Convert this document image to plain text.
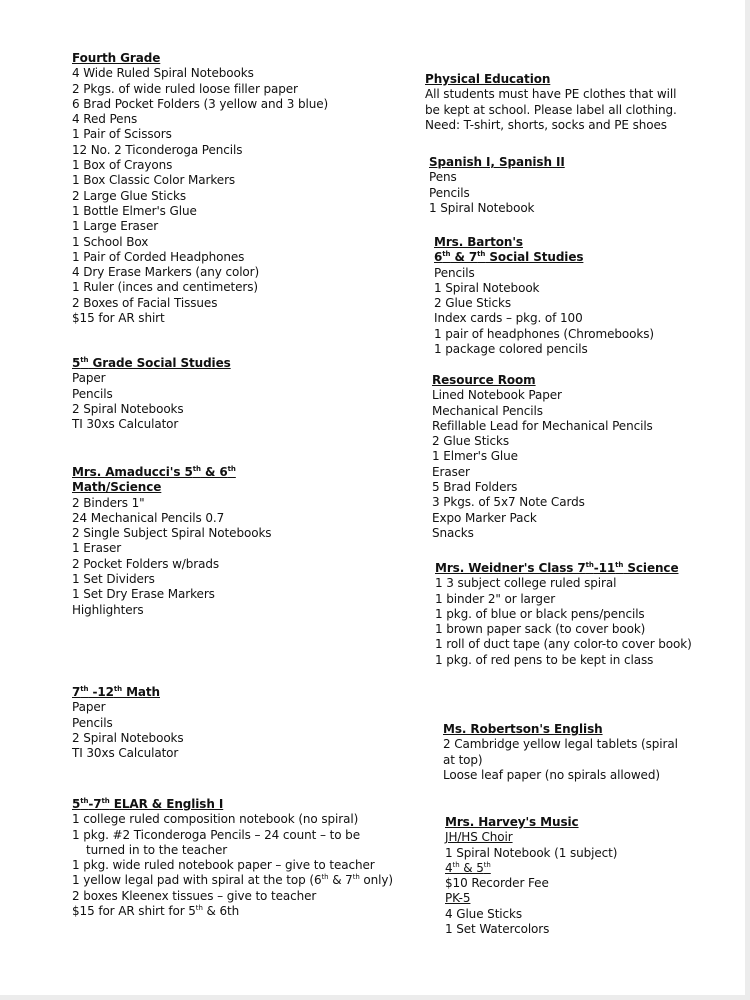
Fourth Grade
4 Wide Ruled Spiral Notebooks
2 Pkgs. of wide ruled loose filler paper
6 Brad Pocket Folders (3 yellow and 3 blue)
4 Red Pens
1 Pair of Scissors
12 No. 2 Ticonderoga Pencils
1 Box of Crayons
1 Box Classic Color Markers
2 Large Glue Sticks
1 Bottle Elmer's Glue
1 Large Eraser
1 School Box
1 Pair of Corded Headphones
4 Dry Erase Markers (any color)
1 Ruler (inces and centimeters)
2 Boxes of Facial Tissues
$15 for AR shirt
5th Grade Social Studies
Paper
Pencils
2 Spiral Notebooks
TI 30xs Calculator
Mrs. Amaducci's 5th & 6th
Math/Science
2 Binders 1"
24 Mechanical Pencils 0.7
2 Single Subject Spiral Notebooks
1 Eraser
2 Pocket Folders w/brads
1 Set Dividers
1 Set Dry Erase Markers
Highlighters
7th -12th Math
Paper
Pencils
2 Spiral Notebooks
TI 30xs Calculator
5th-7th ELAR & English I
1 college ruled composition notebook (no spiral)
1 pkg. #2 Ticonderoga Pencils – 24 count – to be
turned in to the teacher
1 pkg. wide ruled notebook paper – give to teacher
1 yellow legal pad with spiral at the top (6th & 7th only)
2 boxes Kleenex tissues – give to teacher
$15 for AR shirt for 5th & 6th
Physical Education
All students must have PE clothes that will
be kept at school. Please label all clothing.
Need: T-shirt, shorts, socks and PE shoes
Spanish I, Spanish II
Pens
Pencils
1 Spiral Notebook
Mrs. Barton's
6th & 7th Social Studies
Pencils
1 Spiral Notebook
2 Glue Sticks
Index cards – pkg. of 100
1 pair of headphones (Chromebooks)
1 package colored pencils
Resource Room
Lined Notebook Paper
Mechanical Pencils
Refillable Lead for Mechanical Pencils
2 Glue Sticks
1 Elmer's Glue
Eraser
5 Brad Folders
3 Pkgs. of 5x7 Note Cards
Expo Marker Pack
Snacks
Mrs. Weidner's Class 7th-11th Science
1 3 subject college ruled spiral
1 binder 2" or larger
1 pkg. of blue or black pens/pencils
1 brown paper sack (to cover book)
1 roll of duct tape (any color-to cover book)
1 pkg. of red pens to be kept in class
Ms. Robertson's English
2 Cambridge yellow legal tablets (spiral
at top)
Loose leaf paper (no spirals allowed)
Mrs. Harvey's Music
JH/HS Choir
1 Spiral Notebook (1 subject)
4th & 5th
$10 Recorder Fee
PK-5
4 Glue Sticks
1 Set Watercolors
